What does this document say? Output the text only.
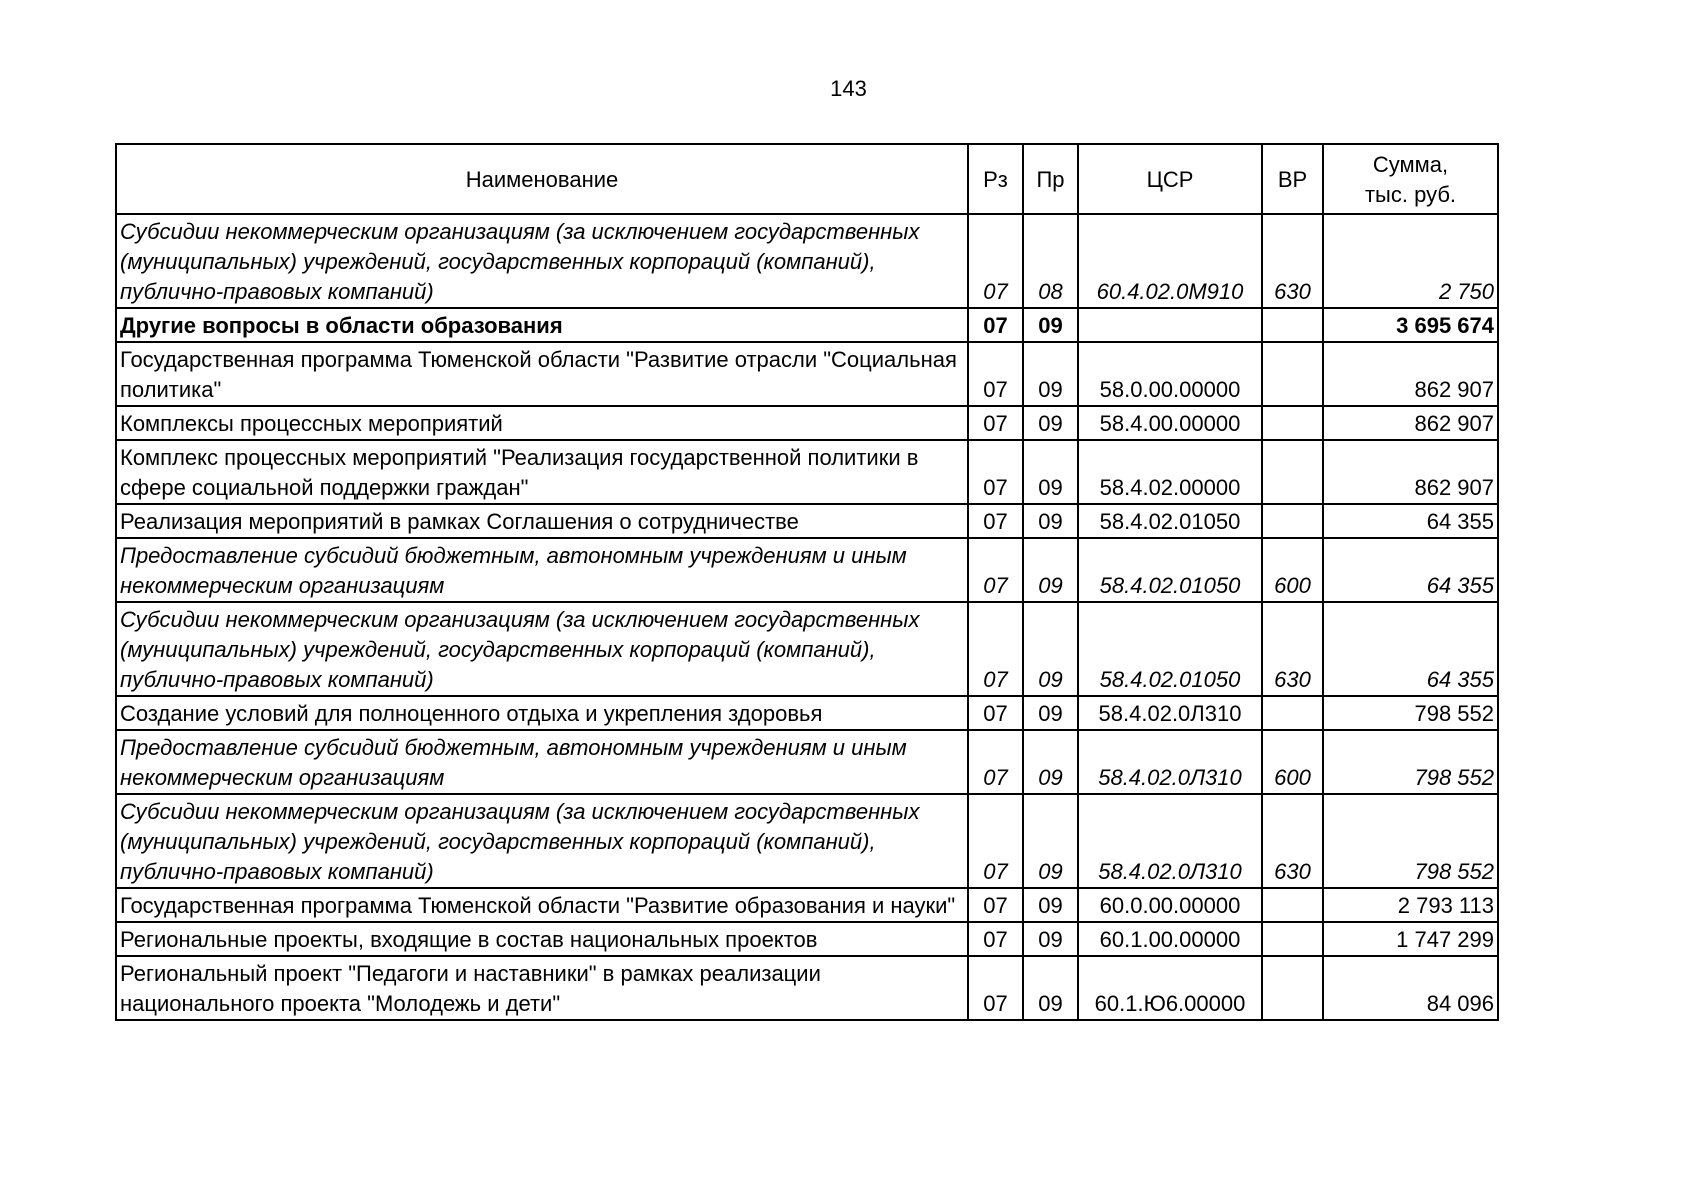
143
Наименование	Рз	Пр	ЦСР	ВР	Сумма,
тыс. руб.
Субсидии некоммерческим организациям (за исключением государственных (муниципальных) учреждений, государственных корпораций (компаний), публично-правовых компаний)	07	08	60.4.02.0М910	630	2 750
Другие вопросы в области образования	07	09			3 695 674
Государственная программа Тюменской области "Развитие отрасли "Социальная политика"	07	09	58.0.00.00000		862 907
Комплексы процессных мероприятий	07	09	58.4.00.00000		862 907
Комплекс процессных мероприятий "Реализация государственной политики в сфере социальной поддержки граждан"	07	09	58.4.02.00000		862 907
Реализация мероприятий в рамках Соглашения о сотрудничестве	07	09	58.4.02.01050		64 355
Предоставление субсидий бюджетным, автономным учреждениям и иным некоммерческим организациям	07	09	58.4.02.01050	600	64 355
Субсидии некоммерческим организациям (за исключением государственных (муниципальных) учреждений, государственных корпораций (компаний), публично-правовых компаний)	07	09	58.4.02.01050	630	64 355
Создание условий для полноценного отдыха и укрепления здоровья	07	09	58.4.02.0Л310		798 552
Предоставление субсидий бюджетным, автономным учреждениям и иным некоммерческим организациям	07	09	58.4.02.0Л310	600	798 552
Субсидии некоммерческим организациям (за исключением государственных (муниципальных) учреждений, государственных корпораций (компаний), публично-правовых компаний)	07	09	58.4.02.0Л310	630	798 552
Государственная программа Тюменской области "Развитие образования и науки"	07	09	60.0.00.00000		2 793 113
Региональные проекты, входящие в состав национальных проектов	07	09	60.1.00.00000		1 747 299
Региональный проект "Педагоги и наставники" в рамках реализации национального проекта "Молодежь и дети"	07	09	60.1.Ю6.00000		84 096
